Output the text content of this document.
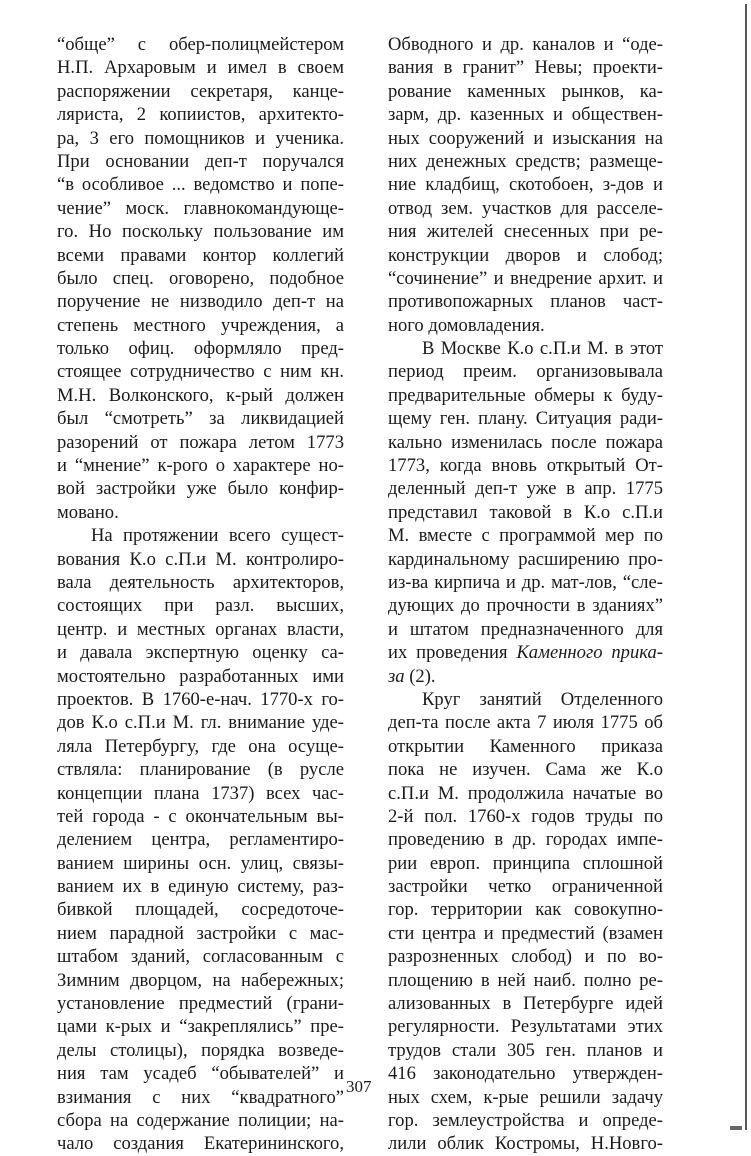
“обще” с обер-полицмейстером
Н.П. Архаровым и имел в своем
распоряжении секретаря, канце-
ляриста, 2 копиистов, архитекто-
ра, 3 его помощников и ученика.
При основании деп-т поручался
“в особливое ... ведомство и попе-
чение” моск. главнокомандующе-
го. Но поскольку пользование им
всеми правами контор коллегий
было спец. оговорено, подобное
поручение не низводило деп-т на
степень местного учреждения, а
только офиц. оформляло пред-
стоящее сотрудничество с ним кн.
М.Н. Волконского, к-рый должен
был “смотреть” за ликвидацией
разорений от пожара летом 1773
и “мнение” к-рого о характере но-
вой застройки уже было конфир-
мовано.
На протяжении всего сущест-
вования К.о с.П.и М. контролиро-
вала деятельность архитекторов,
состоящих при разл. высших,
центр. и местных органах власти,
и давала экспертную оценку са-
мостоятельно разработанных ими
проектов. В 1760-е-нач. 1770-х го-
дов К.о с.П.и М. гл. внимание уде-
ляла Петербургу, где она осуще-
ствляла: планирование (в русле
концепции плана 1737) всех час-
тей города - с окончательным вы-
делением центра, регламентиро-
ванием ширины осн. улиц, связы-
ванием их в единую систему, раз-
бивкой площадей, сосредоточе-
нием парадной застройки с мас-
штабом зданий, согласованным с
Зимним дворцом, на набережных;
установление предместий (грани-
цами к-рых и “закреплялись” пре-
делы столицы), порядка возведе-
ния там усадеб “обывателей” и
взимания с них “квадратного”
сбора на содержание полиции; на-
чало создания Екатерининского,
Обводного и др. каналов и “оде-
вания в гранит” Невы; проекти-
рование каменных рынков, ка-
зарм, др. казенных и обществен-
ных сооружений и изыскания на
них денежных средств; размеще-
ние кладбищ, скотобоен, з-дов и
отвод зем. участков для расселе-
ния жителей снесенных при ре-
конструкции дворов и слобод;
“сочинение” и внедрение архит. и
противопожарных планов част-
ного домовладения.
В Москве К.о с.П.и М. в этот
период преим. организовывала
предварительные обмеры к буду-
щему ген. плану. Ситуация ради-
кально изменилась после пожара
1773, когда вновь открытый От-
деленный деп-т уже в апр. 1775
представил таковой в К.о с.П.и
М. вместе с программой мер по
кардинальному расширению про-
из-ва кирпича и др. мат-лов, “сле-
дующих до прочности в зданиях”
и штатом предназначенного для
их проведения Каменного прика-
за (2).
Круг занятий Отделенного
деп-та после акта 7 июля 1775 об
открытии Каменного приказа
пока не изучен. Сама же К.о
с.П.и М. продолжила начатые во
2-й пол. 1760-х годов труды по
проведению в др. городах импе-
рии европ. принципа сплошной
застройки четко ограниченной
гор. территории как совокупно-
сти центра и предместий (взамен
разрозненных слобод) и по во-
площению в ней наиб. полно ре-
ализованных в Петербурге идей
регулярности. Результатами этих
трудов стали 305 ген. планов и
416 законодательно утвержден-
ных схем, к-рые решили задачу
гор. землеустройства и опреде-
лили облик Костромы, Н.Новго-
307
